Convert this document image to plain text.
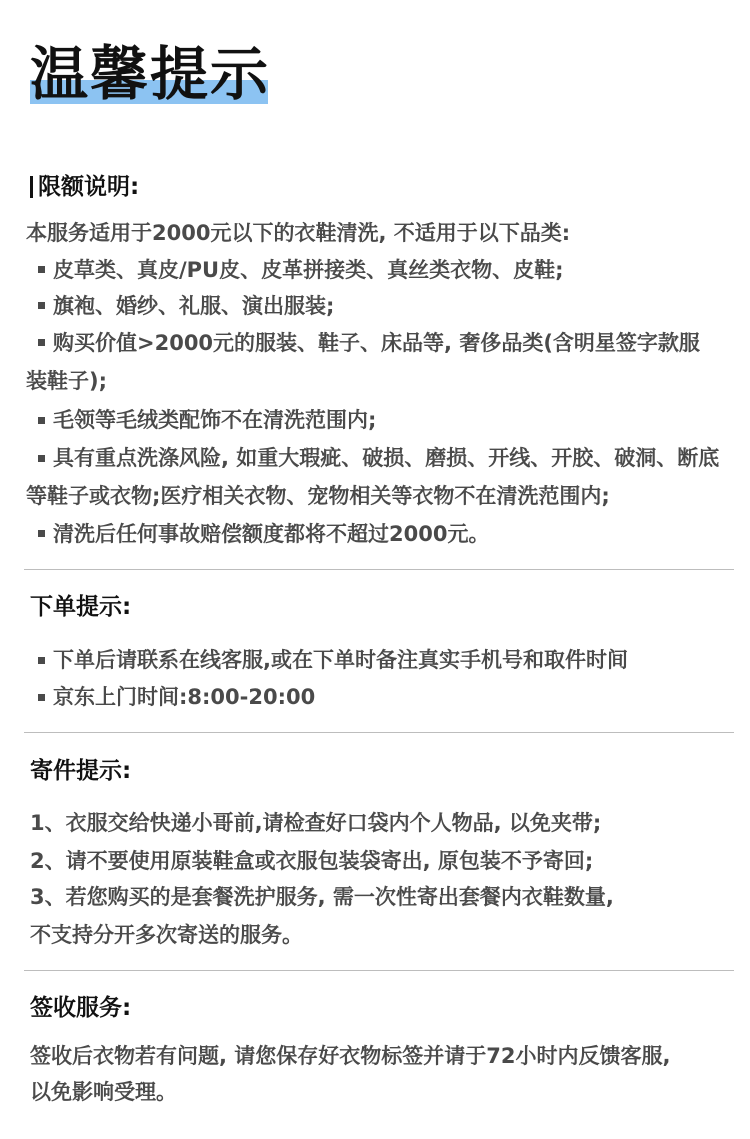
温馨提示
限额说明:

本服务适用于2000元以下的衣鞋清洗, 不适用于以下品类:

皮草类、真皮/PU皮、皮革拼接类、真丝类衣物、皮鞋;

旗袍、婚纱、礼服、演出服装;

购买价值>2000元的服装、鞋子、床品等, 奢侈品类(含明星签字款服

装鞋子);

毛领等毛绒类配饰不在清洗范围内;

具有重点洗涤风险, 如重大瑕疵、破损、磨损、开线、开胶、破洞、断底

等鞋子或衣物;医疗相关衣物、宠物相关等衣物不在清洗范围内;

清洗后任何事故赔偿额度都将不超过2000元。

下单提示:

下单后请联系在线客服,或在下单时备注真实手机号和取件时间

京东上门时间:8:00-20:00

寄件提示:

1、衣服交给快递小哥前,请检查好口袋内个人物品, 以免夹带;

2、请不要使用原装鞋盒或衣服包装袋寄出, 原包装不予寄回;

3、若您购买的是套餐洗护服务, 需一次性寄出套餐内衣鞋数量,

不支持分开多次寄送的服务。

签收服务:

签收后衣物若有问题, 请您保存好衣物标签并请于72小时内反馈客服,

以免影响受理。
